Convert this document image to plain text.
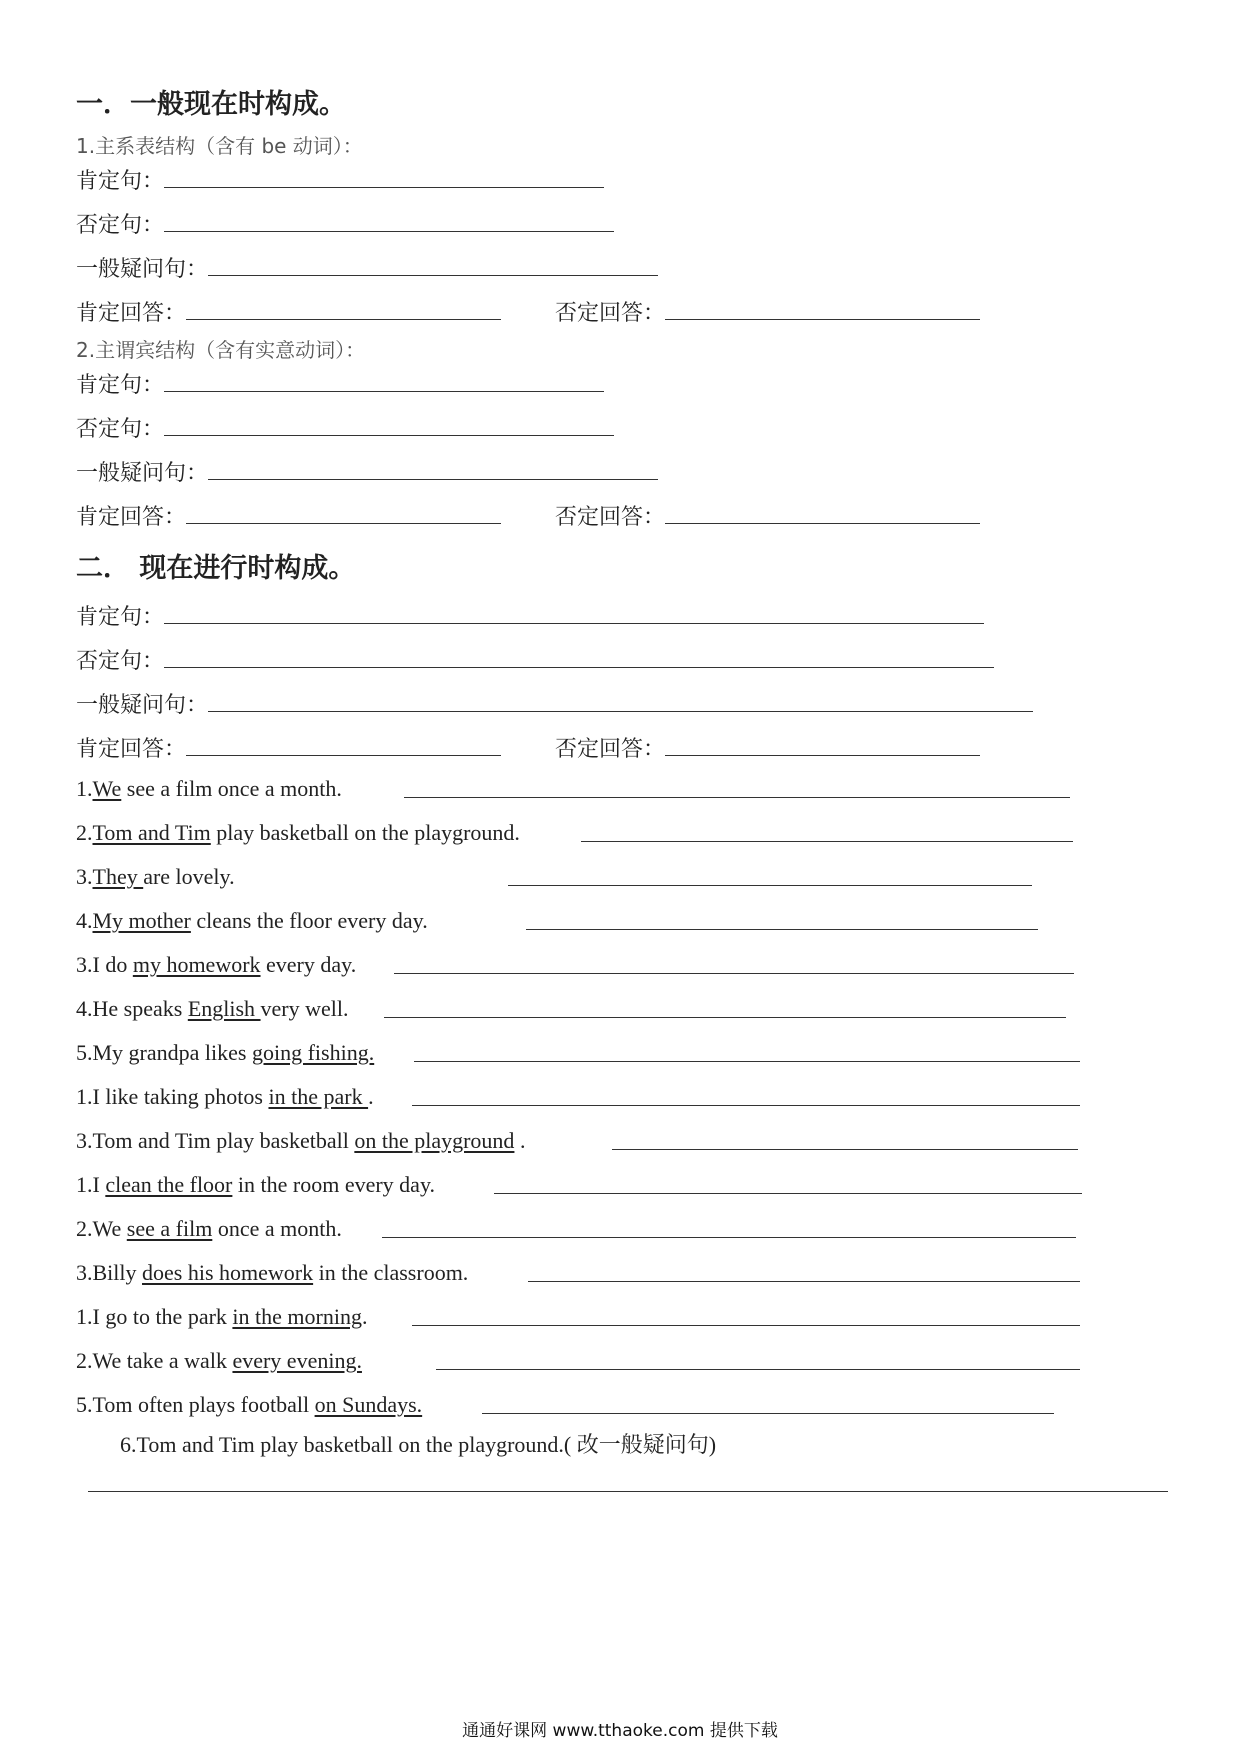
一．一般现在时构成。
1.主系表结构（含有 be 动词）：
肯定句：
否定句：
一般疑问句：
肯定回答：	否定回答：
2.主谓宾结构（含有实意动词）：
肯定句：
否定句：
一般疑问句：
肯定回答：	否定回答：
二． 现在进行时构成。
肯定句：
否定句：
一般疑问句：
肯定回答：	否定回答：
1.We see a film once a month.
2.Tom and Tim play basketball on the playground.
3.They are lovely.
4.My mother cleans the floor every day.
3.I do my homework every day.
4.He speaks English very well.
5.My grandpa likes going fishing.
1.I like taking photos in the park .
3.Tom and Tim play basketball on the playground .
1.I clean the floor in the room every day.
2.We see a film once a month.
3.Billy does his homework in the classroom.
1.I go to the park in the morning.
2.We take a walk every evening.
5.Tom often plays football on Sundays.
6.Tom and Tim play basketball on the playground.( 改一般疑问句)
通通好课网 www.tthaoke.com 提供下载
